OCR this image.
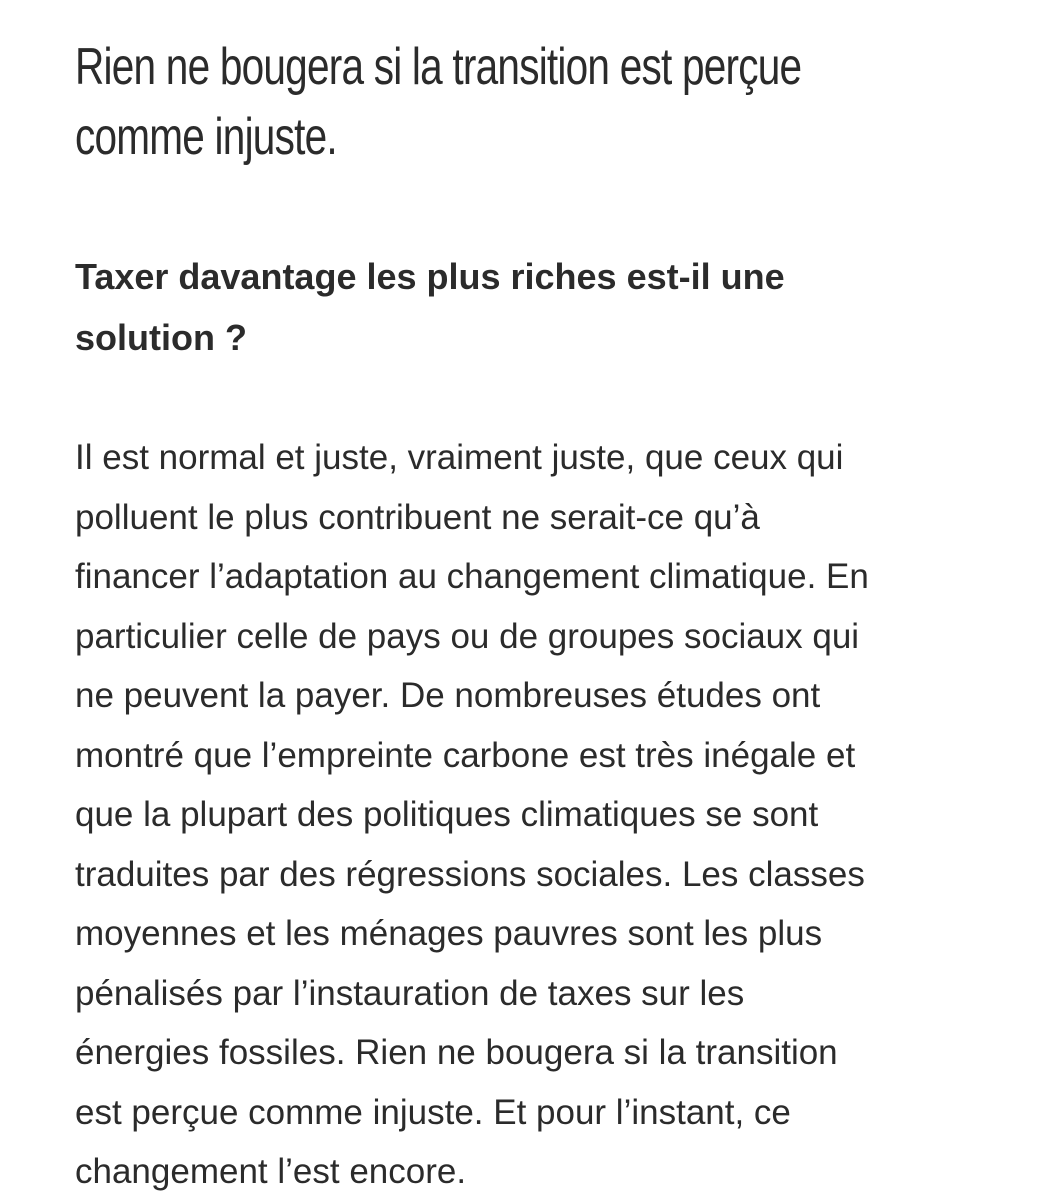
Rien ne bougera si la transition est perçue
comme injuste.
Taxer davantage les plus riches est-il une
solution ?

Il est normal et juste, vraiment juste, que ceux qui
polluent le plus contribuent ne serait-ce qu’à
financer l’adaptation au changement climatique. En
particulier celle de pays ou de groupes sociaux qui
ne peuvent la payer. De nombreuses études ont
montré que l’empreinte carbone est très inégale et
que la plupart des politiques climatiques se sont
traduites par des régressions sociales. Les classes
moyennes et les ménages pauvres sont les plus
pénalisés par l’instauration de taxes sur les
énergies fossiles. Rien ne bougera si la transition
est perçue comme injuste. Et pour l’instant, ce
changement l’est encore.
